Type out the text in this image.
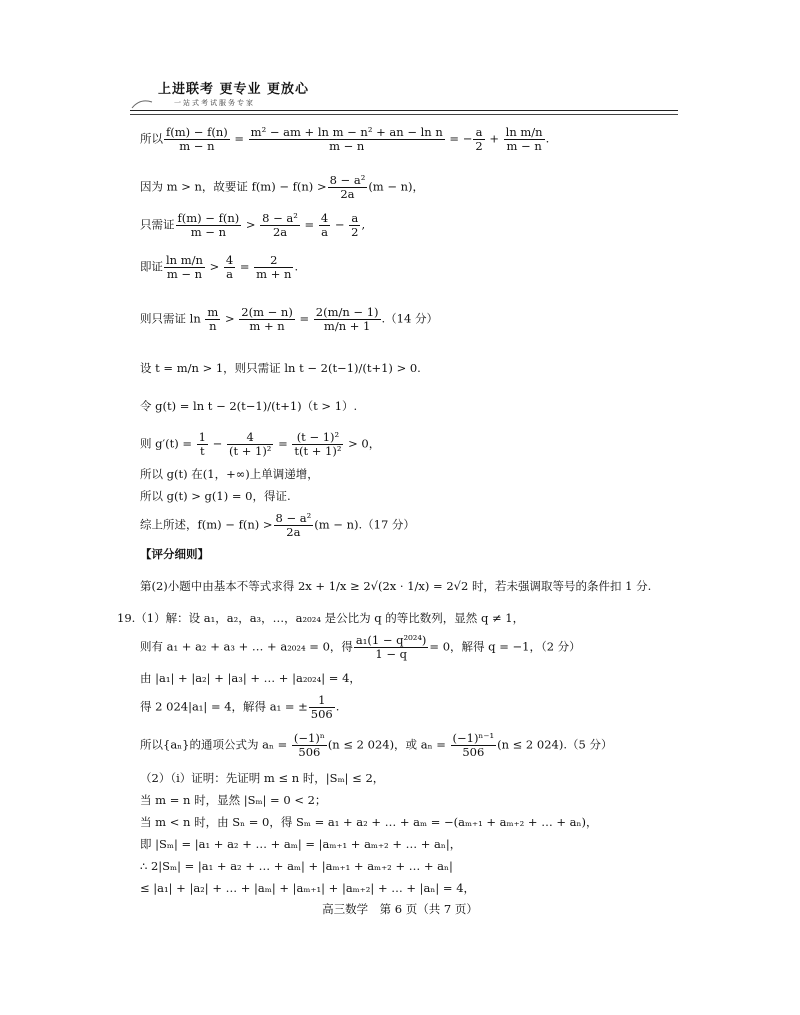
上进联考 更专业 更放心
一站式考试服务专家
所以 $\frac{f(m) - f(n)}{m - n} = \frac{\text{m² − am + ln m − n² + an − ln n}}{m - n}$ = − $\frac{a}{2} + \frac{\text{ln m/n}}{m - n}$ .
因为 m > n，故要证 $f(m) - f(n) > \frac{\text{8 − a²}}{2a} (m - n)$，
只需证 $\frac{f(m) - f(n)}{m - n} > \frac{\text{8 − a²}}{2a} = \frac{4}{a} - \frac{a}{2}$ ,
即证 $\frac{\text{ln m/n}}{m - n} > \frac{4}{a} = \frac{2}{m + n}$ .
则只需证 $\ln \frac{m}{n} > \frac{2(m - n)}{m + n} = \frac{2(m/n - 1)}{m/n + 1} .(14$ 分）
设 t = m/n > 1，则只需证 ln t − 2(t−1)/(t+1) > 0.
令 g(t) = ln t − 2(t−1)/(t+1)（t > 1）.
则 $g'(t) = \frac{1}{t} - \frac{4}{\text{(t + 1)²}} = \frac{\text{(t − 1)²}}{\text{t(t + 1)²}} > 0$，
所以 g(t) 在(1，+∞)上单调递增，
所以 g(t) > g(1) = 0，得证.
综上所述，$f(m) - f(n) > \frac{\text{8 − a²}}{2a} (m - n).(17$ 分）
【评分细则】
第(2)小题中由基本不等式求得 2x + 1/x ≥ 2√(2x · 1/x) = 2√2 时，若未强调取等号的条件扣 1 分.
19.（1）解：设 a₁，a₂，a₃，…，a₂₀₂₄ 是公比为 q 的等比数列，显然 q ≠ 1，
则有 a₁ + a₂ + a₃ + … + a₂₀₂₄ = 0，得 $\frac{\text{a₁(1 − q²⁰²⁴)}}{1 - q} = 0$，解得 q = −1，（2 分）
由 |a₁| + |a₂| + |a₃| + … + |a₂₀₂₄| = 4，
得 2 024|a₁| = 4，解得 a₁ = ± $\frac{1}{506}$ .
所以{aₙ}的通项公式为 $a_n = \frac{\text{(−1)ⁿ}}{506} (n \le 2$ 024)，或 $a_n = \frac{\text{(−1)ⁿ⁻¹}}{506} (n \le 2$ 024).（5 分）
（2）（i）证明：先证明 m ≤ n 时，|Sₘ| ≤ 2，
当 m = n 时，显然 |Sₘ| = 0 < 2；
当 m < n 时，由 Sₙ = 0，得 Sₘ = a₁ + a₂ + … + aₘ = −(aₘ₊₁ + aₘ₊₂ + … + aₙ)，
即 |Sₘ| = |a₁ + a₂ + … + aₘ| = |aₘ₊₁ + aₘ₊₂ + … + aₙ|，
∴ 2|Sₘ| = |a₁ + a₂ + … + aₘ| + |aₘ₊₁ + aₘ₊₂ + … + aₙ|
≤ |a₁| + |a₂| + … + |aₘ| + |aₘ₊₁| + |aₘ₊₂| + … + |aₙ| = 4，
高三数学　第 6 页（共 7 页）
